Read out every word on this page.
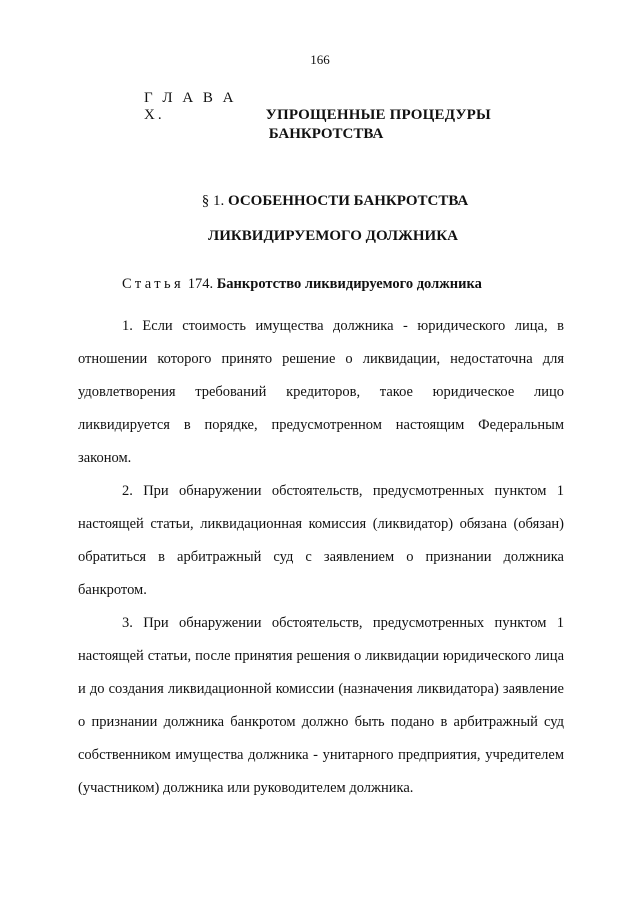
166
Г Л А В А Х.	УПРОЩЕННЫЕ ПРОЦЕДУРЫ
БАНКРОТСТВА
§ 1. ОСОБЕННОСТИ БАНКРОТСТВА
ЛИКВИДИРУЕМОГО ДОЛЖНИКА
Статья 174. Банкротство ликвидируемого должника

1. Если стоимость имущества должника - юридического лица, в отношении которого принято решение о ликвидации, недостаточна для удовлетворения требований кредиторов, такое юридическое лицо ликвидируется в порядке, предусмотренном настоящим Федеральным законом.

2. При обнаружении обстоятельств, предусмотренных пунктом 1 настоящей статьи, ликвидационная комиссия (ликвидатор) обязана (обязан) обратиться в арбитражный суд с заявлением о признании должника банкротом.

3. При обнаружении обстоятельств, предусмотренных пунктом 1 настоящей статьи, после принятия решения о ликвидации юридического лица и до создания ликвидационной комиссии (назначения ликвидатора) заявление о признании должника банкротом должно быть подано в арбитражный суд собственником имущества должника - унитарного предприятия, учредителем (участником) должника или руководителем должника.
